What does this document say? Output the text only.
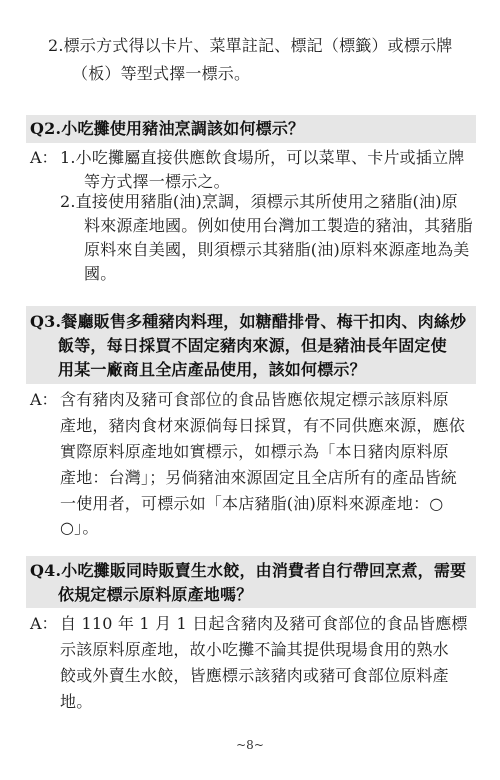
2.標示方式得以卡片、菜單註記、標記（標籤）或標示牌
（板）等型式擇一標示。
Q2.小吃攤使用豬油烹調該如何標示？
A： 1.小吃攤屬直接供應飲食場所，可以菜單、卡片或插立牌
等方式擇一標示之。
2.直接使用豬脂(油)烹調，須標示其所使用之豬脂(油)原
料來源產地國。例如使用台灣加工製造的豬油，其豬脂
原料來自美國，則須標示其豬脂(油)原料來源產地為美
國。
Q3.餐廳販售多種豬肉料理，如糖醋排骨、梅干扣肉、肉絲炒
飯等，每日採買不固定豬肉來源，但是豬油長年固定使
用某一廠商且全店產品使用，該如何標示？
A： 含有豬肉及豬可食部位的食品皆應依規定標示該原料原
產地，豬肉食材來源倘每日採買，有不同供應來源，應依
實際原料原產地如實標示，如標示為「本日豬肉原料原
產地：台灣」；另倘豬油來源固定且全店所有的產品皆統
一使用者，可標示如「本店豬脂(油)原料來源產地：○
○」。
Q4.小吃攤販同時販賣生水餃，由消費者自行帶回烹煮，需要
依規定標示原料原產地嗎？
A： 自 110 年 1 月 1 日起含豬肉及豬可食部位的食品皆應標
示該原料原產地，故小吃攤不論其提供現場食用的熟水
餃或外賣生水餃，皆應標示該豬肉或豬可食部位原料產
地。
~8~
